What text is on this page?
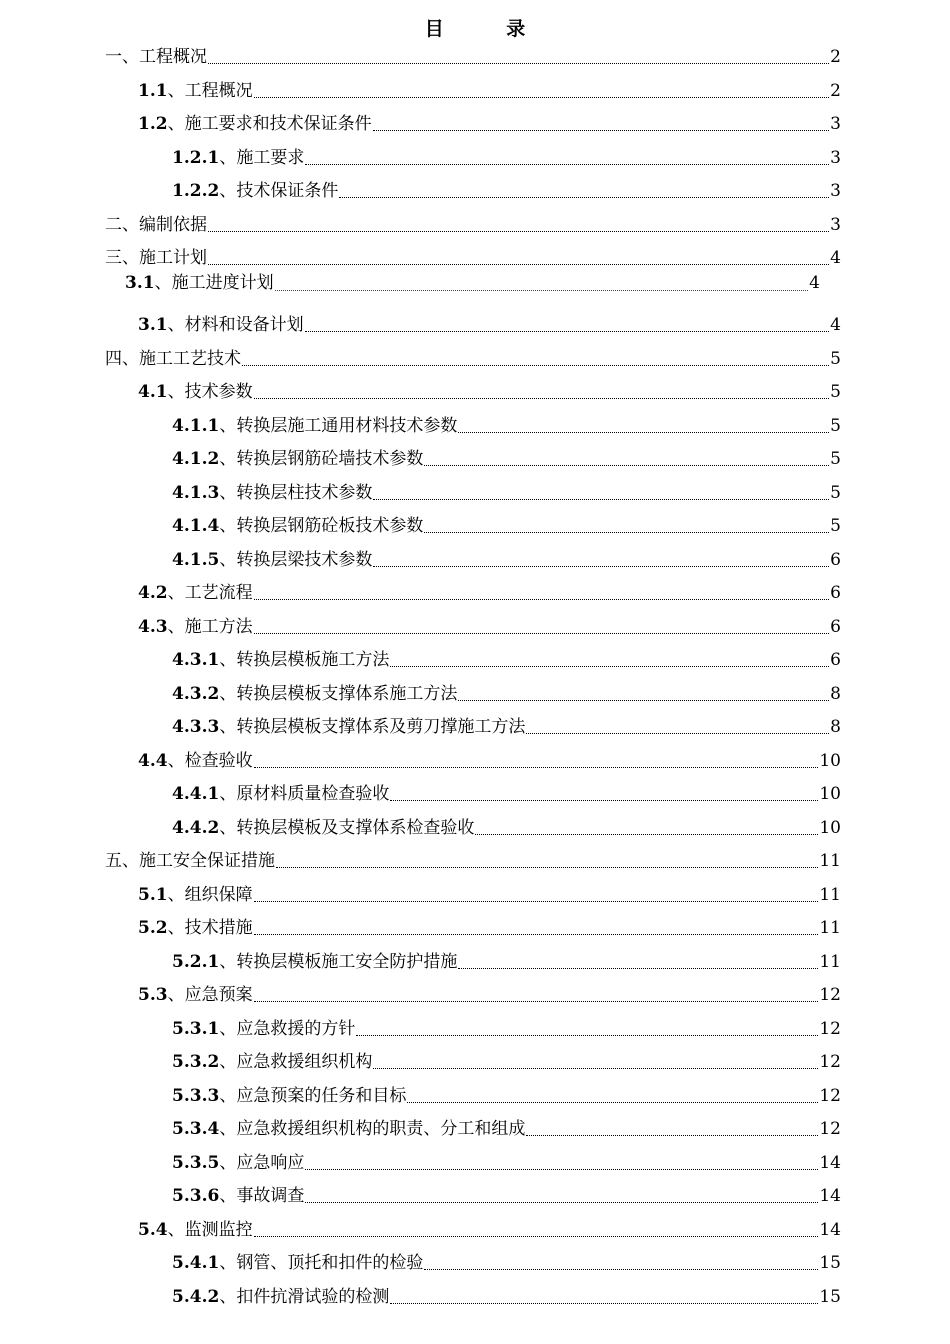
目 录
一、 工程概况	2
1.1 、工程概况	2
1.2 、施工要求和技术保证条件	3
1.2.1 、施工要求	3
1.2.2 、技术保证条件	3
二、 编制依据	3
三、 施工计划	4
3.1 、施工进度计划	4
3.1 、材料和设备计划	4
四、 施工工艺技术	5
4.1 、技术参数	5
4.1.1 、转换层施工通用材料技术参数	5
4.1.2 、转换层钢筋砼墙技术参数	5
4.1.3 、转换层柱技术参数	5
4.1.4 、转换层钢筋砼板技术参数	5
4.1.5 、转换层梁技术参数	6
4.2 、工艺流程	6
4.3 、施工方法	6
4.3.1 、转换层模板施工方法	6
4.3.2 、转换层模板支撑体系施工方法	8
4.3.3 、转换层模板支撑体系及剪刀撑施工方法	8
4.4 、检查验收	10
4.4.1 、原材料质量检查验收	10
4.4.2 、转换层模板及支撑体系检查验收	10
五、 施工安全保证措施	11
5.1 、组织保障	11
5.2 、技术措施	11
5.2.1 、转换层模板施工安全防护措施	11
5.3 、应急预案	12
5.3.1 、应急救援的方针	12
5.3.2 、应急救援组织机构	12
5.3.3 、应急预案的任务和目标	12
5.3.4 、应急救援组织机构的职责、分工和组成	12
5.3.5 、应急响应	14
5.3.6 、事故调查	14
5.4 、监测监控	14
5.4.1 、钢管、顶托和扣件的检验	15
5.4.2 、扣件抗滑试验的检测	15
